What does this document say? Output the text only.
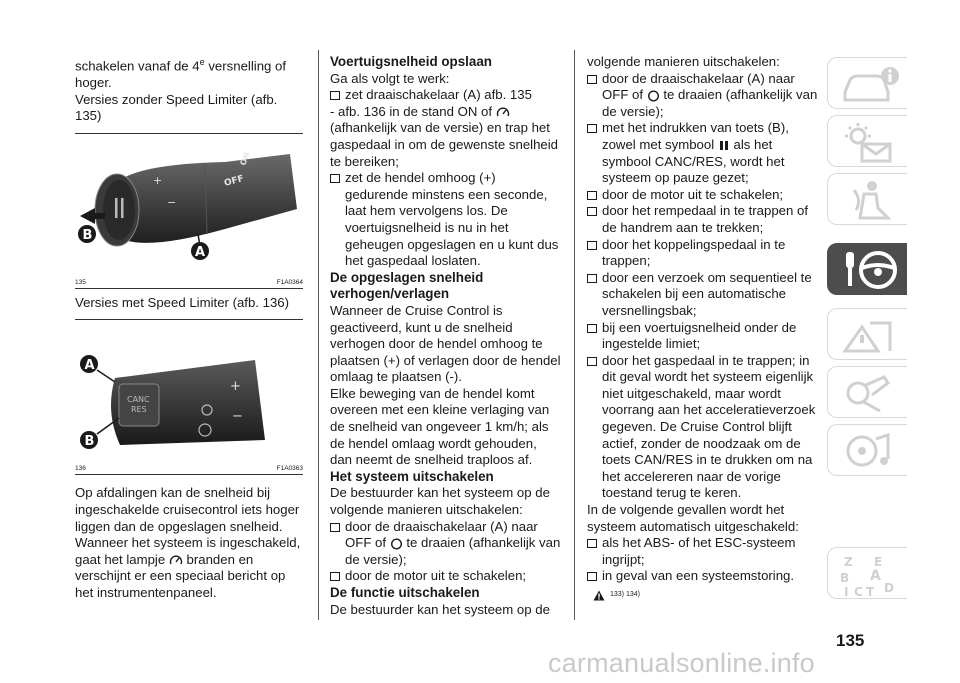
schakelen vanaf de 4e versnelling of hoger.

Versies zonder Speed Limiter (afb. 135)

+
−
OFF
ON
B
A
135	F1A0364

Versies met Speed Limiter (afb. 136)

CANC
RES
+
−
A
B
136	F1A0363

Op afdalingen kan de snelheid bij ingeschakelde cruisecontrol iets hoger liggen dan de opgeslagen snelheid.

Wanneer het systeem is ingeschakeld,

gaat het lampje branden en verschijnt er een speciaal bericht op het instrumentenpaneel.

Voertuigsnelheid opslaan

Ga als volgt te werk:

zet draaischakelaar (A) afb. 135

- afb. 136 in de stand ON of  (afhankelijk van de versie) en trap het gaspedaal in om de gewenste snelheid te bereiken;

zet de hendel omhoog (+) gedurende minstens een seconde, laat hem vervolgens los. De voertuigsnelheid is nu in het geheugen opgeslagen en u kunt dus het gaspedaal loslaten.

De opgeslagen snelheid verhogen/verlagen

Wanneer de Cruise Control is geactiveerd, kunt u de snelheid verhogen door de hendel omhoog te plaatsen (+) of verlagen door de hendel omlaag te plaatsen (-).

Elke beweging van de hendel komt overeen met een kleine verlaging van de snelheid van ongeveer 1 km/h; als de hendel omlaag wordt gehouden, dan neemt de snelheid traploos af.

Het systeem uitschakelen

De bestuurder kan het systeem op de volgende manieren uitschakelen:

door de draaischakelaar (A) naar OFF of te draaien (afhankelijk van de versie);

door de motor uit te schakelen;

De functie uitschakelen

De bestuurder kan het systeem op de

volgende manieren uitschakelen:

door de draaischakelaar (A) naar OFF of te draaien (afhankelijk van de versie);

met het indrukken van toets (B), zowel met symbool als het symbool CANC/RES, wordt het systeem op pauze gezet;

door de motor uit te schakelen;

door het rempedaal in te trappen of de handrem aan te trekken;

door het koppelingspedaal in te trappen;

door een verzoek om sequentieel te schakelen bij een automatische versnellingsbak;

bij een voertuigsnelheid onder de ingestelde limiet;

door het gaspedaal in te trappen; in dit geval wordt het systeem eigenlijk niet uitgeschakeld, maar wordt voorrang aan het acceleratieverzoek gegeven. De Cruise Control blijft actief, zonder de noodzaak om de toets CAN/RES in te drukken om na het accelereren naar de vorige toestand terug te keren.

In de volgende gevallen wordt het systeem automatisch uitgeschakeld:

als het ABS- of het ESC-systeem ingrijpt;

in geval van een systeemstoring.

133) 134)
Z E
B A
I C T D
135
carmanualsonline.info
